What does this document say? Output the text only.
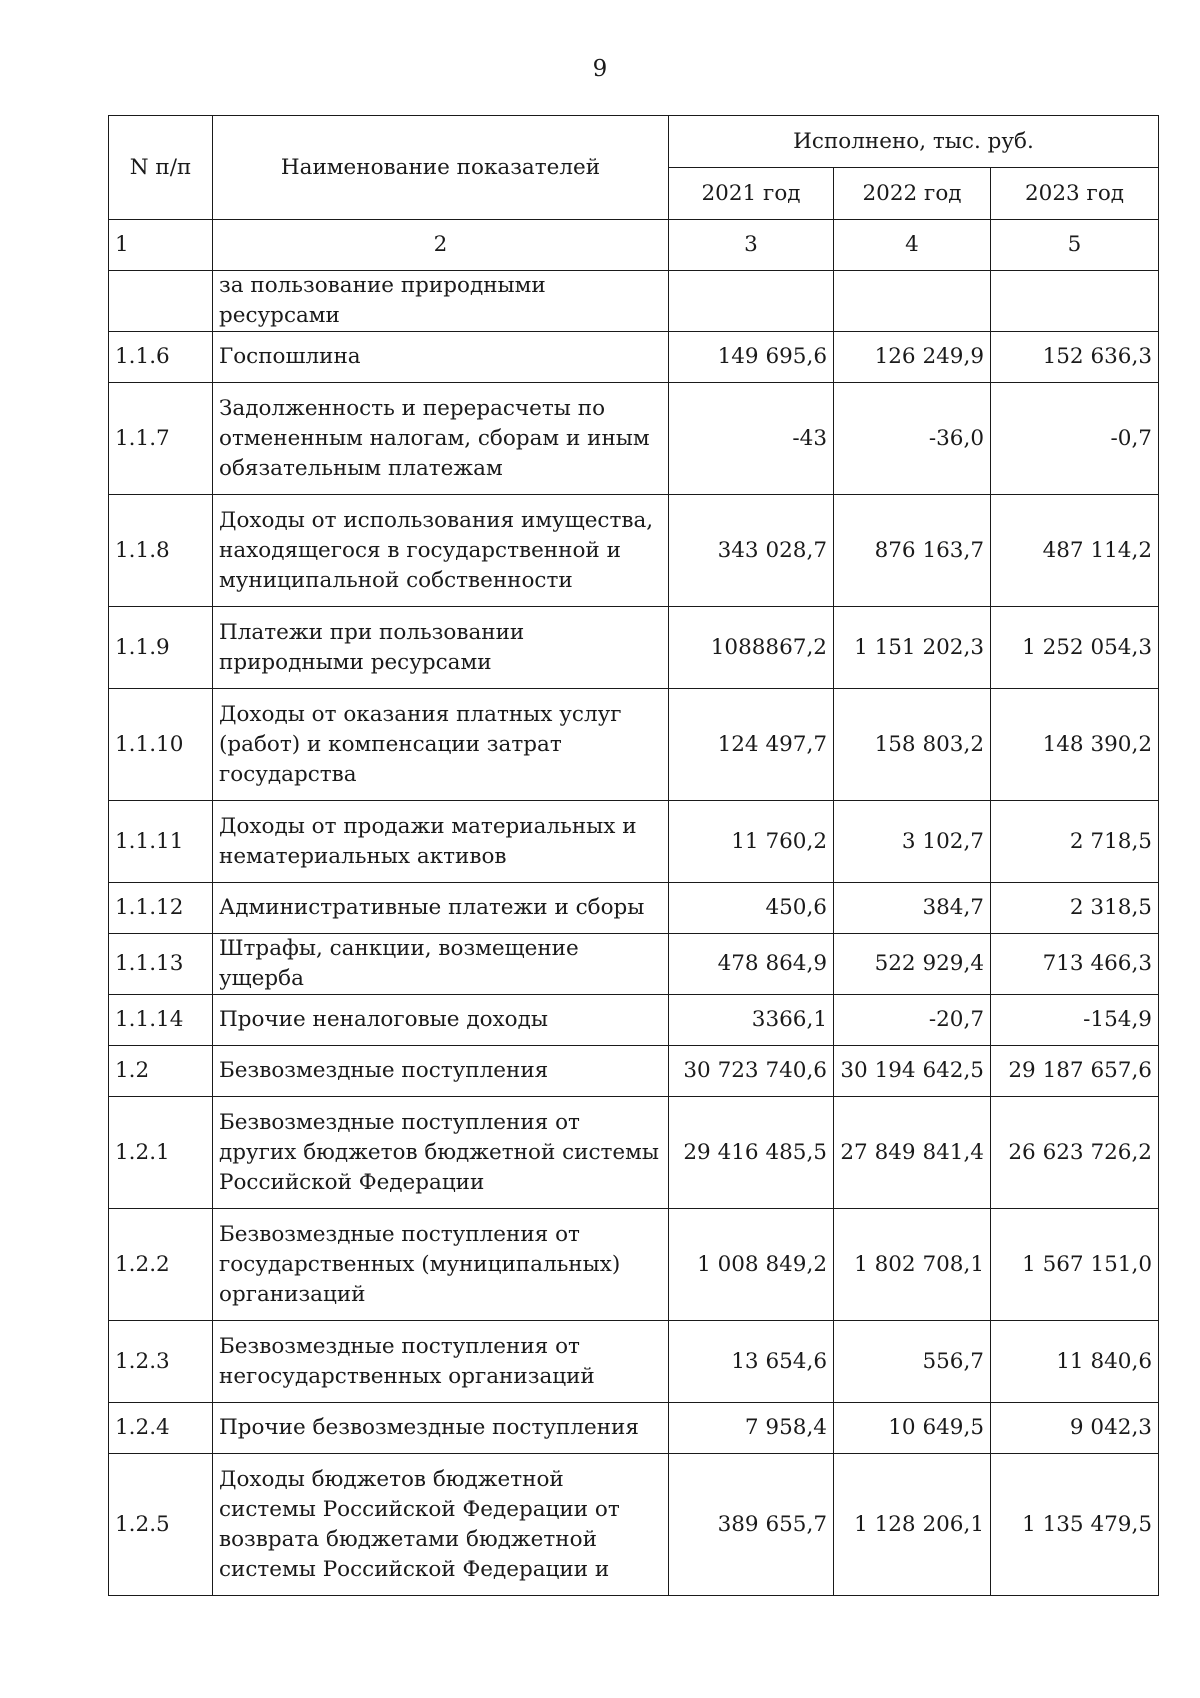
9
N п/п	Наименование показателей	Исполнено, тыс. руб.		
		2021 год	2022 год	2023 год
1	2	3	4	5
	за пользование природными ресурсами			
1.1.6	Госпошлина	149 695,6	126 249,9	152 636,3
1.1.7	Задолженность и перерасчеты по отмененным налогам, сборам и иным обязательным платежам	-43	-36,0	-0,7
1.1.8	Доходы от использования имущества, находящегося в государственной и муниципальной собственности	343 028,7	876 163,7	487 114,2
1.1.9	Платежи при пользовании природными ресурсами	1088867,2	1 151 202,3	1 252 054,3
1.1.10	Доходы от оказания платных услуг (работ) и компенсации затрат государства	124 497,7	158 803,2	148 390,2
1.1.11	Доходы от продажи материальных и нематериальных активов	11 760,2	3 102,7	2 718,5
1.1.12	Административные платежи и сборы	450,6	384,7	2 318,5
1.1.13	Штрафы, санкции, возмещение ущерба	478 864,9	522 929,4	713 466,3
1.1.14	Прочие неналоговые доходы	3366,1	-20,7	-154,9
1.2	Безвозмездные поступления	30 723 740,6	30 194 642,5	29 187 657,6
1.2.1	Безвозмездные поступления от других бюджетов бюджетной системы Российской Федерации	29 416 485,5	27 849 841,4	26 623 726,2
1.2.2	Безвозмездные поступления от государственных (муниципальных) организаций	1 008 849,2	1 802 708,1	1 567 151,0
1.2.3	Безвозмездные поступления от негосударственных организаций	13 654,6	556,7	11 840,6
1.2.4	Прочие безвозмездные поступления	7 958,4	10 649,5	9 042,3
1.2.5	Доходы бюджетов бюджетной системы Российской Федерации от возврата бюджетами бюджетной системы Российской Федерации и	389 655,7	1 128 206,1	1 135 479,5
